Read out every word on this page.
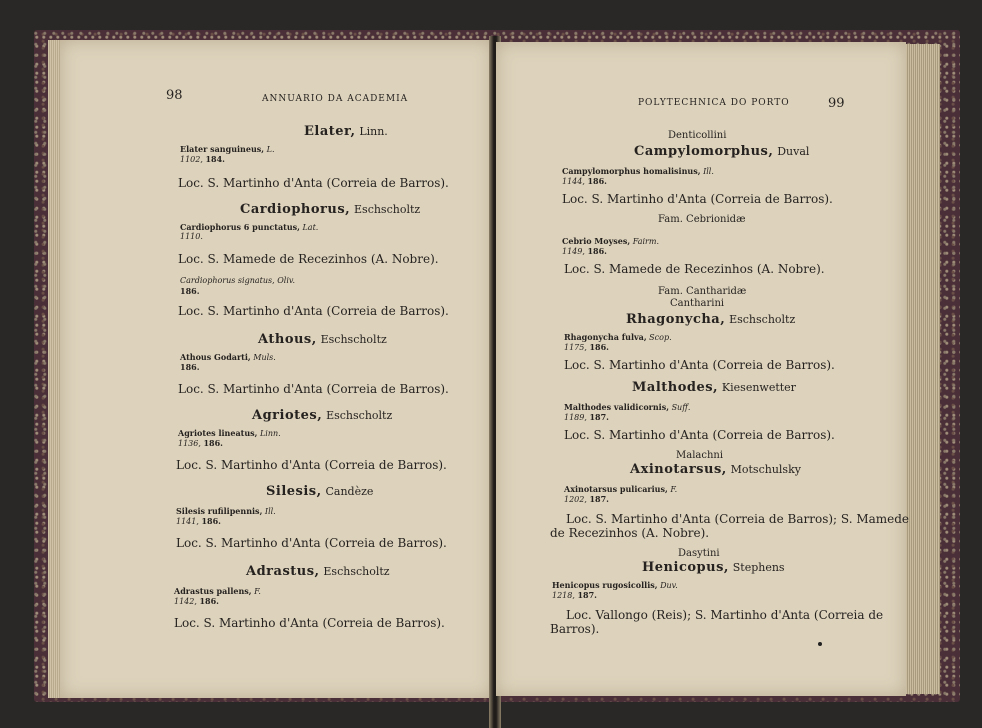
98	ANNUARIO DA ACADEMIA
Elater, Linn.
Elater sanguineus, L.
1102, 184.
Loc. S. Martinho d'Anta (Correia de Barros).
Cardiophorus, Eschscholtz
Cardiophorus 6 punctatus, Lat.
1110.
Loc. S. Mamede de Recezinhos (A. Nobre).
Cardiophorus signatus, Oliv.
186.
Loc. S. Martinho d'Anta (Correia de Barros).
Athous, Eschscholtz
Athous Godarti, Muls.
186.
Loc. S. Martinho d'Anta (Correia de Barros).
Agriotes, Eschscholtz
Agriotes lineatus, Linn.
1136, 186.
Loc. S. Martinho d'Anta (Correia de Barros).
Silesis, Candèze
Silesis rufilipennis, Ill.
1141, 186.
Loc. S. Martinho d'Anta (Correia de Barros).
Adrastus, Eschscholtz
Adrastus pallens, F.
1142, 186.
Loc. S. Martinho d'Anta (Correia de Barros).
POLYTECHNICA DO PORTO	99
Denticollini
Campylomorphus, Duval
Campylomorphus homalisinus, Ill.
1144, 186.
Loc. S. Martinho d'Anta (Correia de Barros).
Fam. Cebrionidæ
Cebrio Moyses, Fairm.
1149, 186.
Loc. S. Mamede de Recezinhos (A. Nobre).
Fam. Cantharidæ
Cantharini
Rhagonycha, Eschscholtz
Rhagonycha fulva, Scop.
1175, 186.
Loc. S. Martinho d'Anta (Correia de Barros).
Malthodes, Kiesenwetter
Malthodes validicornis, Suff.
1189, 187.
Loc. S. Martinho d'Anta (Correia de Barros).
Malachni
Axinotarsus, Motschulsky
Axinotarsus pulicarius, F.
1202, 187.
Loc. S. Martinho d'Anta (Correia de Barros); S. Mamede
de Recezinhos (A. Nobre).
Dasytini
Henicopus, Stephens
Henicopus rugosicollis, Duv.
1218, 187.
Loc. Vallongo (Reis); S. Martinho d'Anta (Correia de
Barros).
